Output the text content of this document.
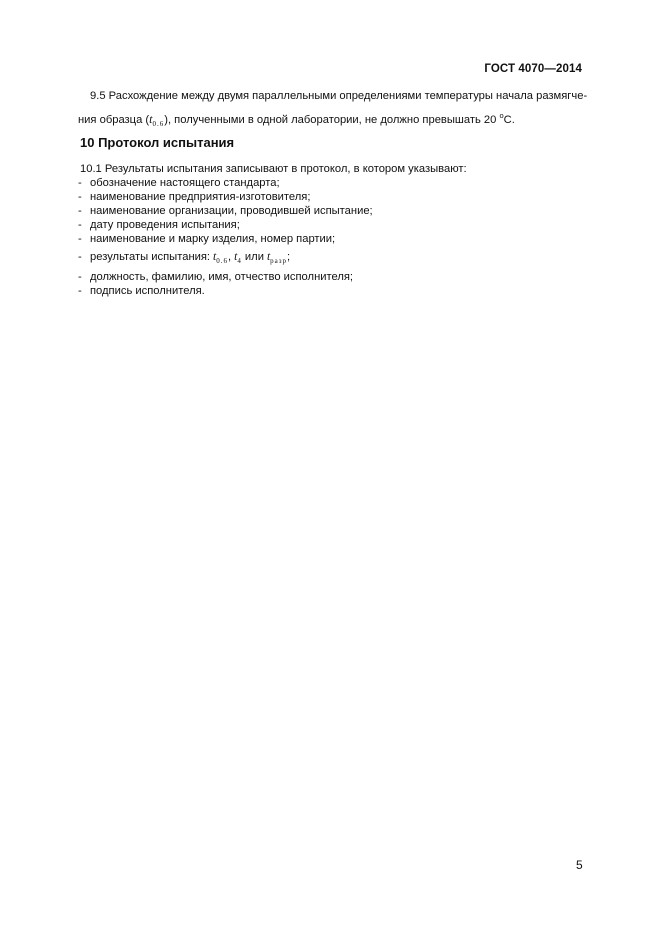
ГОСТ 4070—2014
9.5 Расхождение между двумя параллельными определениями температуры начала размягче-
ния образца $(t_{0.6})$, полученными в одной лаборатории, не должно превышать 20 $^o$C.
10 Протокол испытания
10.1 Результаты испытания записывают в протокол, в котором указывают:
- обозначение настоящего стандарта;
- наименование предприятия-изготовителя;
- наименование организации, проводившей испытание;
- дату проведения испытания;
- наименование и марку изделия, номер партии;
- результаты испытания: $t_{0.6}$, $t_4$ или $t_{разр}$;
- должность, фамилию, имя, отчество исполнителя;
- подпись исполнителя.
5
